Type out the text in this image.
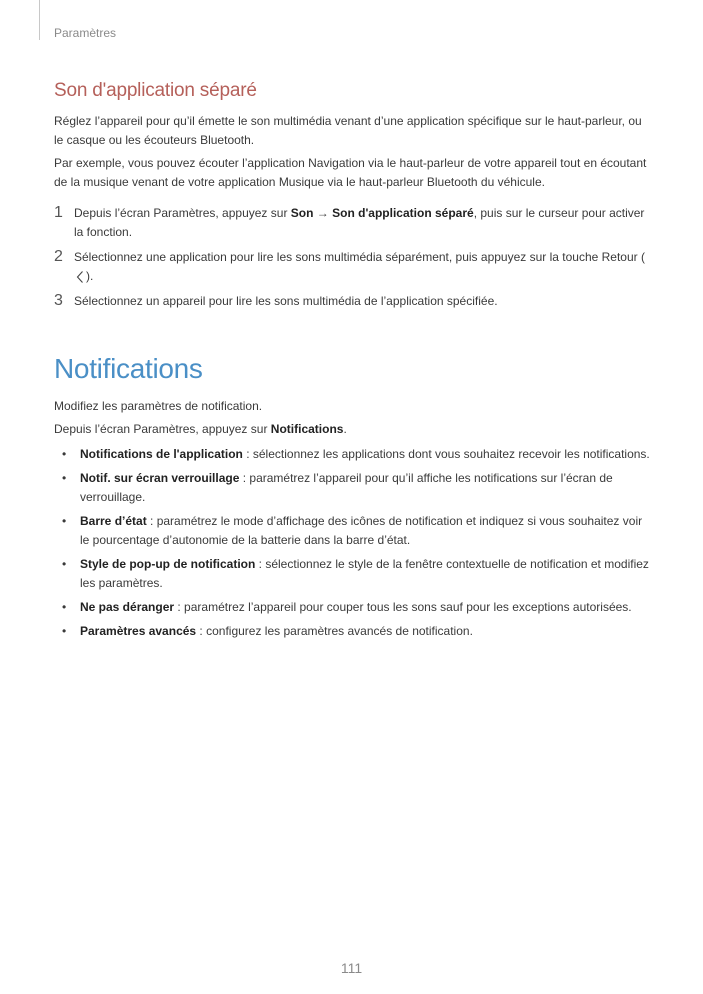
Paramètres
Son d'application séparé

Réglez l’appareil pour qu’il émette le son multimédia venant d’une application spécifique sur le haut-parleur, ou le casque ou les écouteurs Bluetooth.

Par exemple, vous pouvez écouter l’application Navigation via le haut-parleur de votre appareil tout en écoutant de la musique venant de votre application Musique via le haut-parleur Bluetooth du véhicule.

1 Depuis l’écran Paramètres, appuyez sur Son → Son d'application séparé, puis sur le curseur pour activer la fonction.
2 Sélectionnez une application pour lire les sons multimédia séparément, puis appuyez sur la touche Retour ().
3 Sélectionnez un appareil pour lire les sons multimédia de l’application spécifiée.
Notifications

Modifiez les paramètres de notification.

Depuis l’écran Paramètres, appuyez sur Notifications.

•	Notifications de l'application : sélectionnez les applications dont vous souhaitez recevoir les notifications.
•	Notif. sur écran verrouillage : paramétrez l’appareil pour qu’il affiche les notifications sur l’écran de verrouillage.
•	Barre d’état : paramétrez le mode d’affichage des icônes de notification et indiquez si vous souhaitez voir le pourcentage d’autonomie de la batterie dans la barre d’état.
•	Style de pop-up de notification : sélectionnez le style de la fenêtre contextuelle de notification et modifiez les paramètres.
•	Ne pas déranger : paramétrez l’appareil pour couper tous les sons sauf pour les exceptions autorisées.
•	Paramètres avancés : configurez les paramètres avancés de notification.
111
